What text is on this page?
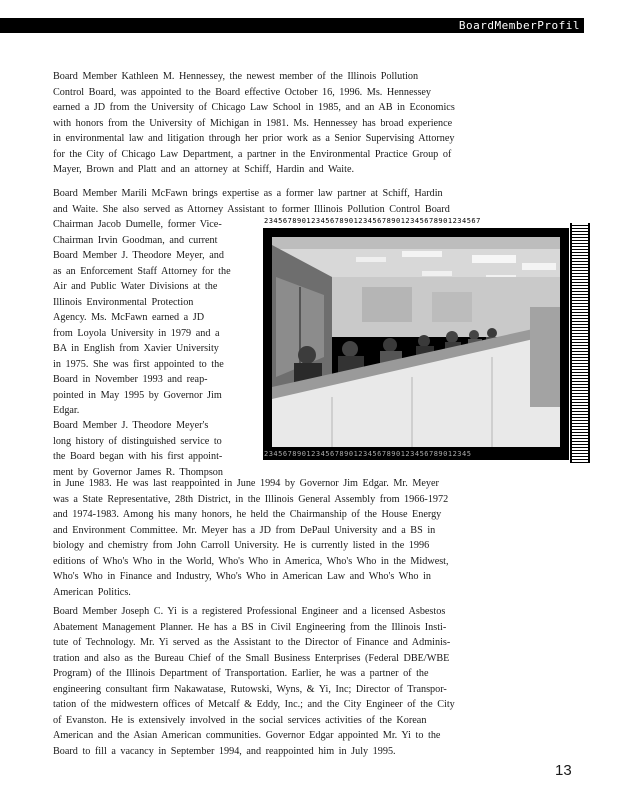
BoardMemberProfil
Board Member Kathleen M. Hennessey, the newest member of the Illinois Pollution
Control Board, was appointed to the Board effective October 16, 1996. Ms. Hennessey
earned a JD from the University of Chicago Law School in 1985, and an AB in Economics
with honors from the University of Michigan in 1981. Ms. Hennessey has broad experience
in environmental law and litigation through her prior work as a Senior Supervising Attorney
for the City of Chicago Law Department, a partner in the Environmental Practice Group of
Mayer, Brown and Platt and an attorney at Schiff, Hardin and Waite.
Board Member Marili McFawn brings expertise as a former law partner at Schiff, Hardin
and Waite. She also served as Attorney Assistant to former Illinois Pollution Control Board
Chairman Jacob Dumelle, former Vice-
Chairman Irvin Goodman, and current
Board Member J. Theodore Meyer, and
as an Enforcement Staff Attorney for the
Air and Public Water Divisions at the
Illinois Environmental Protection
Agency. Ms. McFawn earned a JD
from Loyola University in 1979 and a
BA in English from Xavier University
in 1975. She was first appointed to the
Board in November 1993 and reap-
pointed in May 1995 by Governor Jim
Edgar.
Board Member J. Theodore Meyer's
long history of distinguished service to
the Board began with his first appoint-
ment by Governor James R. Thompson
in June 1983. He was last reappointed in June 1994 by Governor Jim Edgar. Mr. Meyer
was a State Representative, 28th District, in the Illinois General Assembly from 1966-1972
and 1974-1983. Among his many honors, he held the Chairmanship of the House Energy
and Environment Committee. Mr. Meyer has a JD from DePaul University and a BS in
biology and chemistry from John Carroll University. He is currently listed in the 1996
editions of Who's Who in the World, Who's Who in America, Who's Who in the Midwest,
Who's Who in Finance and Industry, Who's Who in American Law and Who's Who in
American Politics.
Board Member Joseph C. Yi is a registered Professional Engineer and a licensed Asbestos
Abatement Management Planner. He has a BS in Civil Engineering from the Illinois Insti-
tute of Technology. Mr. Yi served as the Assistant to the Director of Finance and Adminis-
tration and also as the Bureau Chief of the Small Business Enterprises (Federal DBE/WBE
Program) of the Illinois Department of Transportation. Earlier, he was a partner of the
engineering consultant firm Nakawatase, Rutowski, Wyns, & Yi, Inc; Director of Transpor-
tation of the midwestern offices of Metcalf & Eddy, Inc.; and the City Engineer of the City
of Evanston. He is extensively involved in the social services activities of the Korean
American and the Asian American communities. Governor Edgar appointed Mr. Yi to the
Board to fill a vacancy in September 1994, and reappointed him in July 1995.
2345678901234567890123456789012345678901234567
23456789012345678901234567890123456789012345
13
